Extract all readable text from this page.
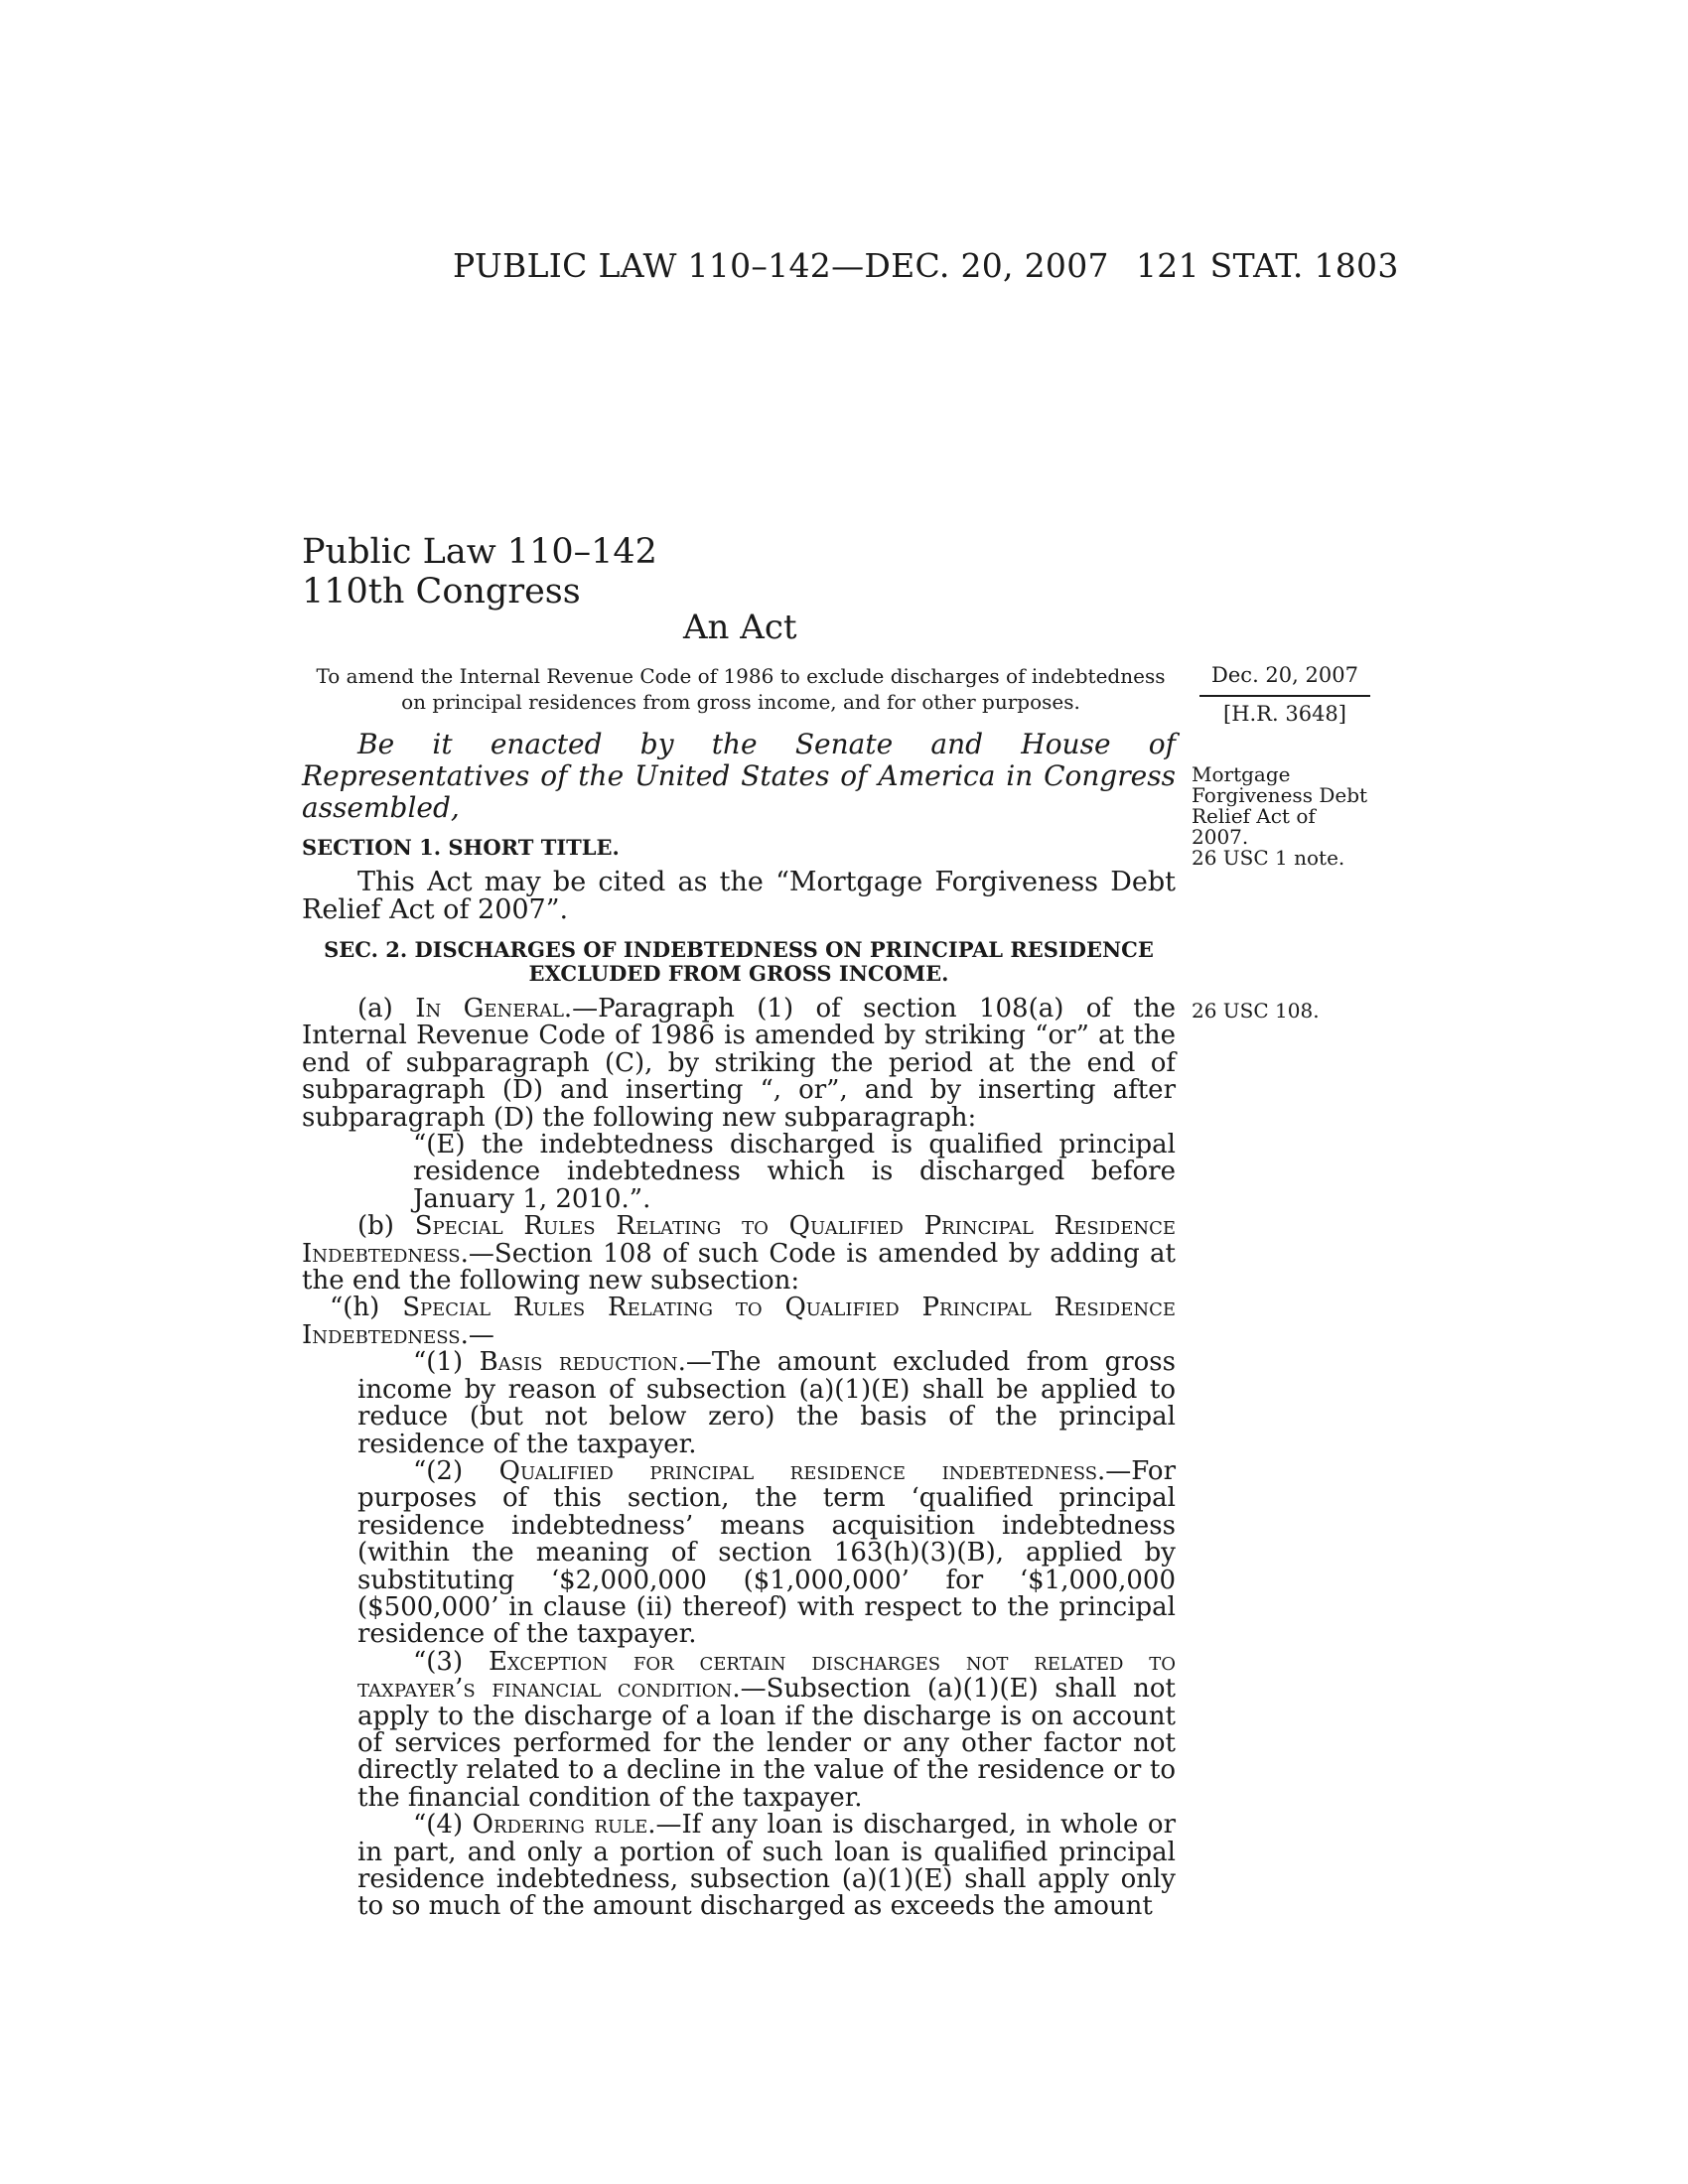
PUBLIC LAW 110–142—DEC. 20, 2007 121 STAT. 1803
Public Law 110–142
110th Congress
An Act
To amend the Internal Revenue Code of 1986 to exclude discharges of indebtedness
on principal residences from gross income, and for other purposes.
Dec. 20, 2007
[H.R. 3648]
Mortgage
Forgiveness Debt
Relief Act of
2007.
26 USC 1 note.
26 USC 108.

Be it enacted by the Senate and House of Representatives of the United States of America in Congress assembled,

SECTION 1. SHORT TITLE.

This Act may be cited as the “Mortgage Forgiveness Debt Relief Act of 2007”.

SEC. 2. DISCHARGES OF INDEBTEDNESS ON PRINCIPAL RESIDENCE
EXCLUDED FROM GROSS INCOME.

(a) In General.—Paragraph (1) of section 108(a) of the Internal Revenue Code of 1986 is amended by striking “or” at the end of subparagraph (C), by striking the period at the end of subparagraph (D) and inserting “, or”, and by inserting after subparagraph (D) the following new subparagraph:

“(E) the indebtedness discharged is qualified principal residence indebtedness which is discharged before January 1, 2010.”.

(b) Special Rules Relating to Qualified Principal Residence Indebtedness.—Section 108 of such Code is amended by adding at the end the following new subsection:

“(h) Special Rules Relating to Qualified Principal Residence Indebtedness.—

“(1) Basis reduction.—The amount excluded from gross income by reason of subsection (a)(1)(E) shall be applied to reduce (but not below zero) the basis of the principal residence of the taxpayer.

“(2) Qualified principal residence indebtedness.—For purposes of this section, the term ‘qualified principal residence indebtedness’ means acquisition indebtedness (within the meaning of section 163(h)(3)(B), applied by substituting ‘$2,000,000 ($1,000,000’ for ‘$1,000,000 ($500,000’ in clause (ii) thereof) with respect to the principal residence of the taxpayer.

“(3) Exception for certain discharges not related to taxpayer’s financial condition.—Subsection (a)(1)(E) shall not apply to the discharge of a loan if the discharge is on account of services performed for the lender or any other factor not directly related to a decline in the value of the residence or to the financial condition of the taxpayer.

“(4) Ordering rule.—If any loan is discharged, in whole or in part, and only a portion of such loan is qualified principal residence indebtedness, subsection (a)(1)(E) shall apply only to so much of the amount discharged as exceeds the amount
